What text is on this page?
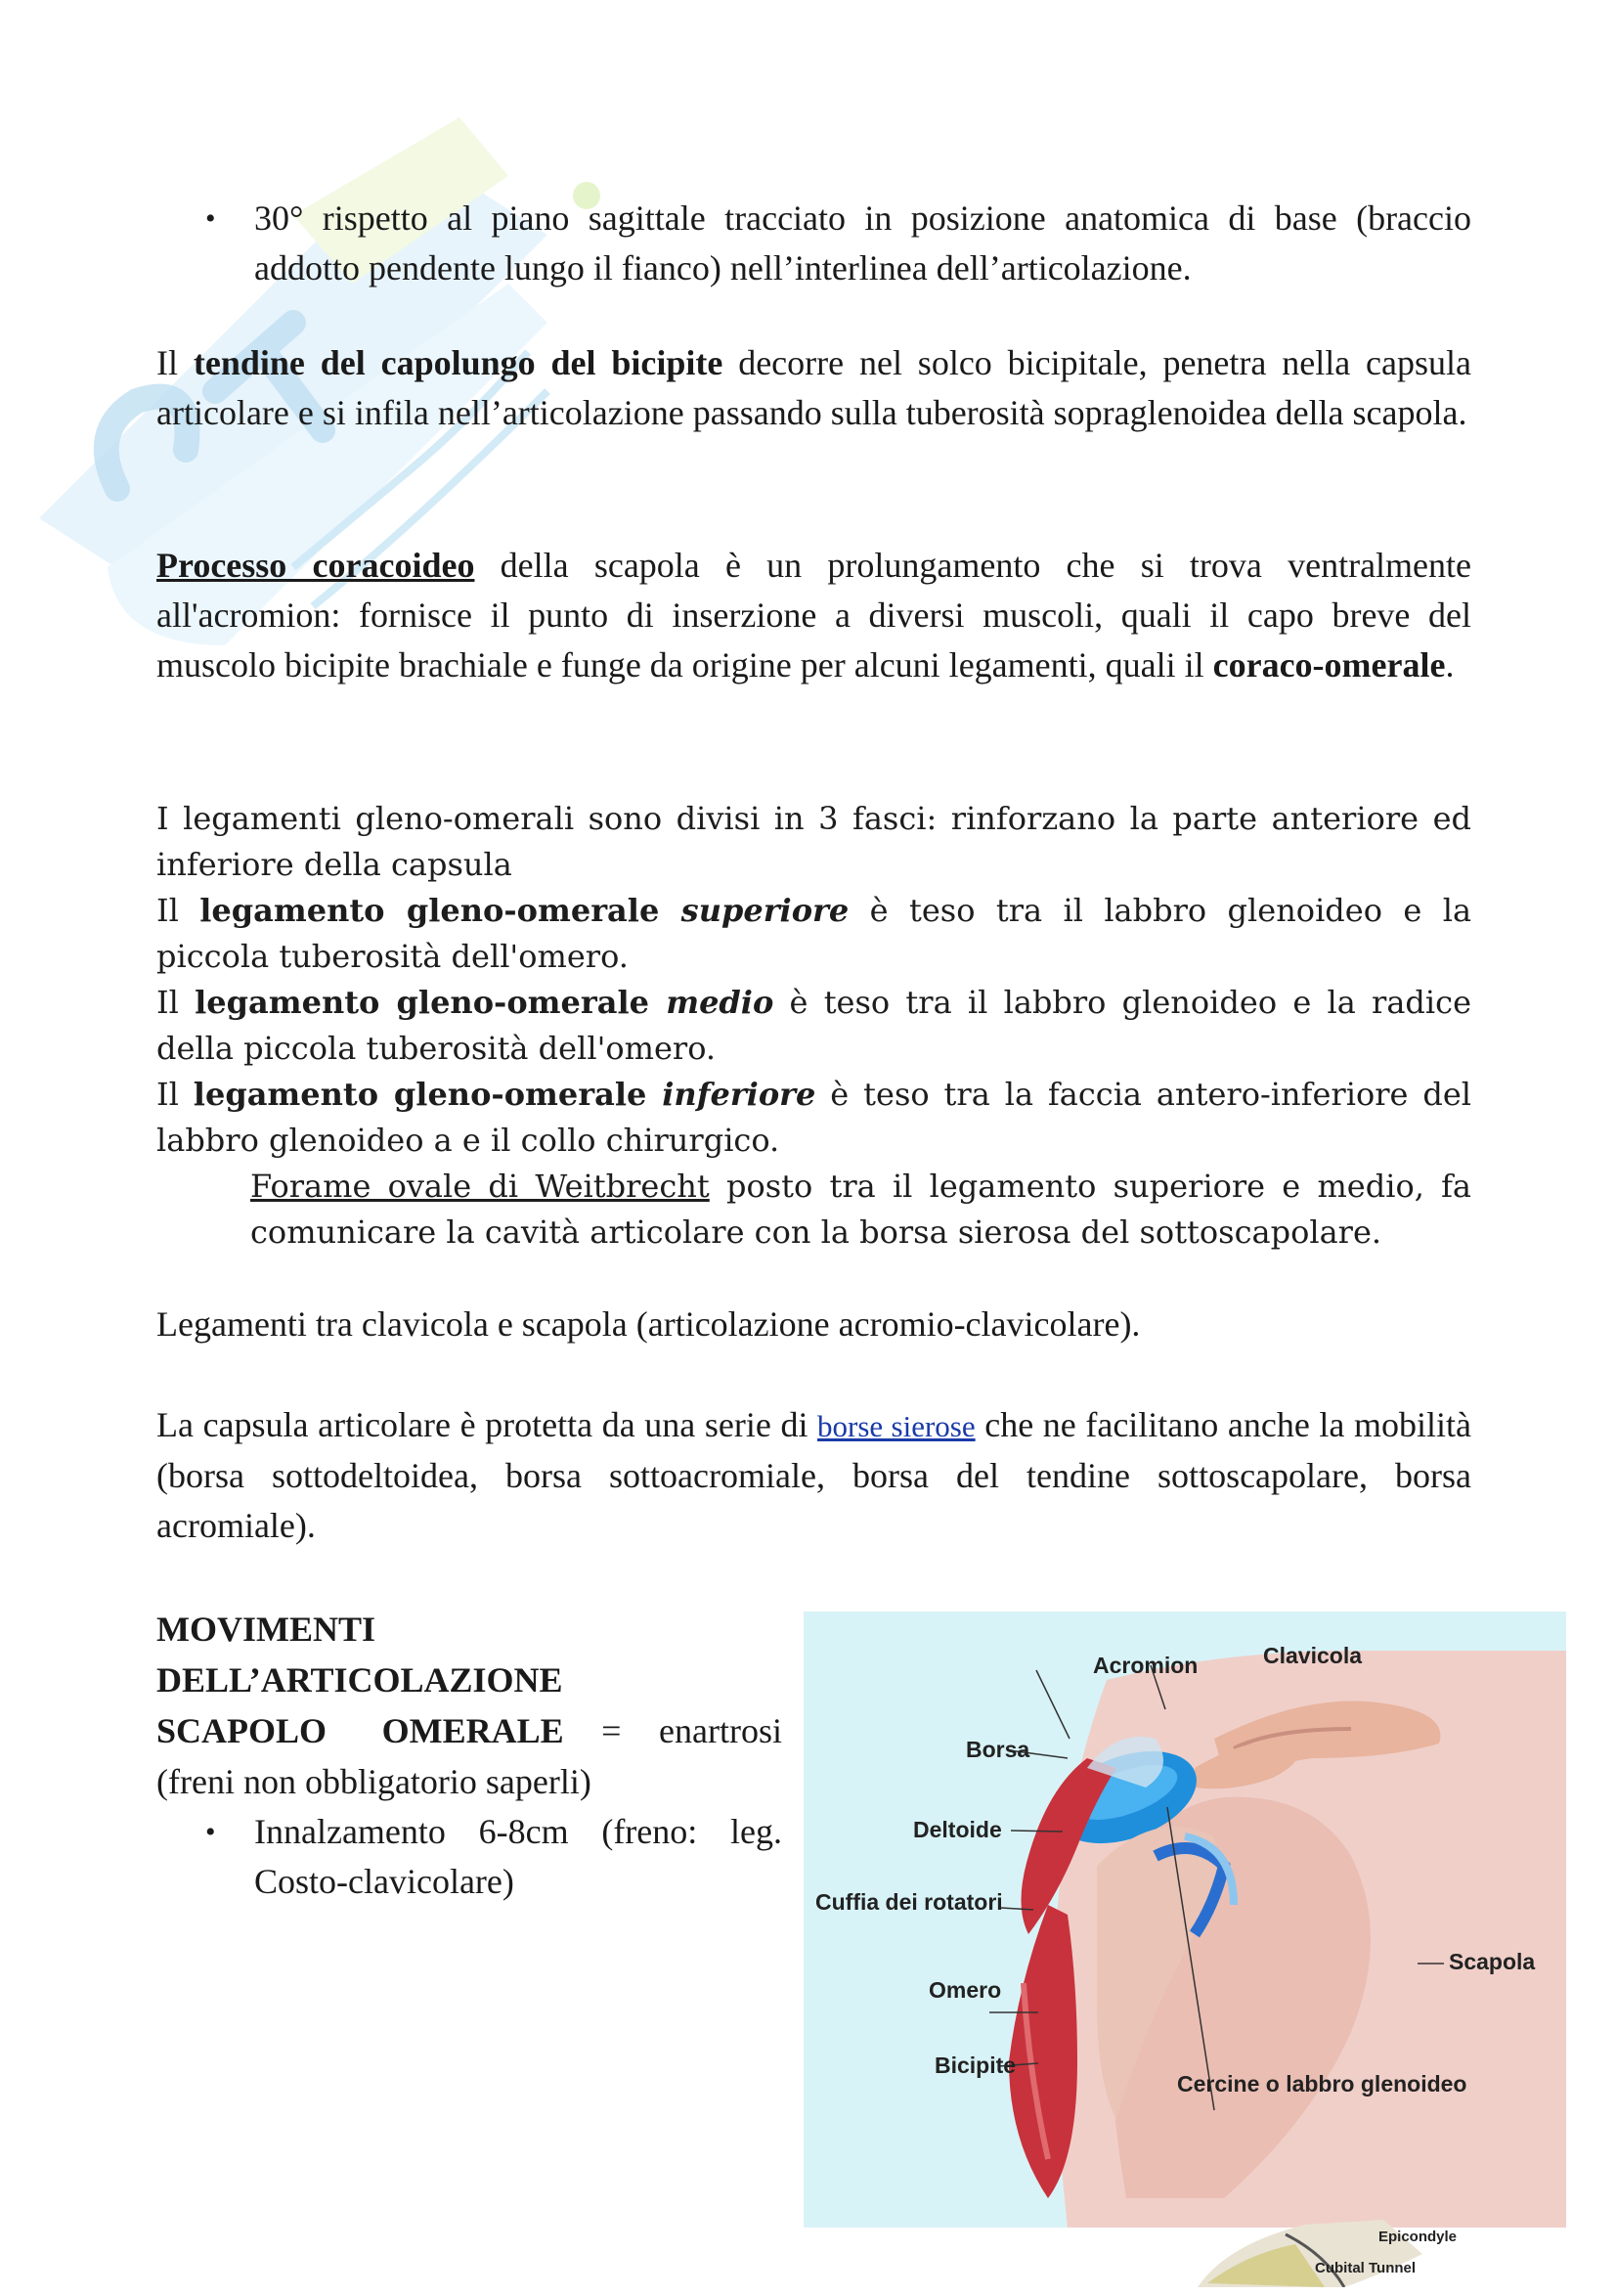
• 30° rispetto al piano sagittale tracciato in posizione anatomica di base (braccio addotto pendente lungo il fianco) nell’interlinea dell’articolazione.

Il tendine del capolungo del bicipite decorre nel solco bicipitale, penetra nella capsula articolare e si infila nell’articolazione passando sulla tuberosità sopraglenoidea della scapola.

Processo coracoideo della scapola è un prolungamento che si trova ventralmente all'acromion: fornisce il punto di inserzione a diversi muscoli, quali il capo breve del muscolo bicipite brachiale e funge da origine per alcuni legamenti, quali il coraco-omerale.

I legamenti gleno-omerali sono divisi in 3 fasci: rinforzano la parte anteriore ed inferiore della capsula

Il legamento gleno-omerale superiore è teso tra il labbro glenoideo e la piccola tuberosità dell'omero.

Il legamento gleno-omerale medio è teso tra il labbro glenoideo e la radice della piccola tuberosità dell'omero.

Il legamento gleno-omerale inferiore è teso tra la faccia antero-inferiore del labbro glenoideo a e il collo chirurgico.

Forame ovale di Weitbrecht posto tra il legamento superiore e medio, fa comunicare la cavità articolare con la borsa sierosa del sottoscapolare.

Legamenti tra clavicola e scapola (articolazione acromio-clavicolare).

La capsula articolare è protetta da una serie di borse sierose che ne facilitano anche la mobilità (borsa sottodeltoidea, borsa sottoacromiale, borsa del tendine sottoscapolare, borsa acromiale).

MOVIMENTI

DELL’ARTICOLAZIONE

SCAPOLO OMERALE = enartrosi

(freni non obbligatorio saperli)

• Innalzamento 6-8cm (freno: leg. Costo-clavicolare)
Acromion	Clavicola
Borsa
Deltoide
Cuffia dei rotatori
Omero
Bicipite
Scapola
Cercine o labbro glenoideo
Epicondyle
Cubital Tunnel
